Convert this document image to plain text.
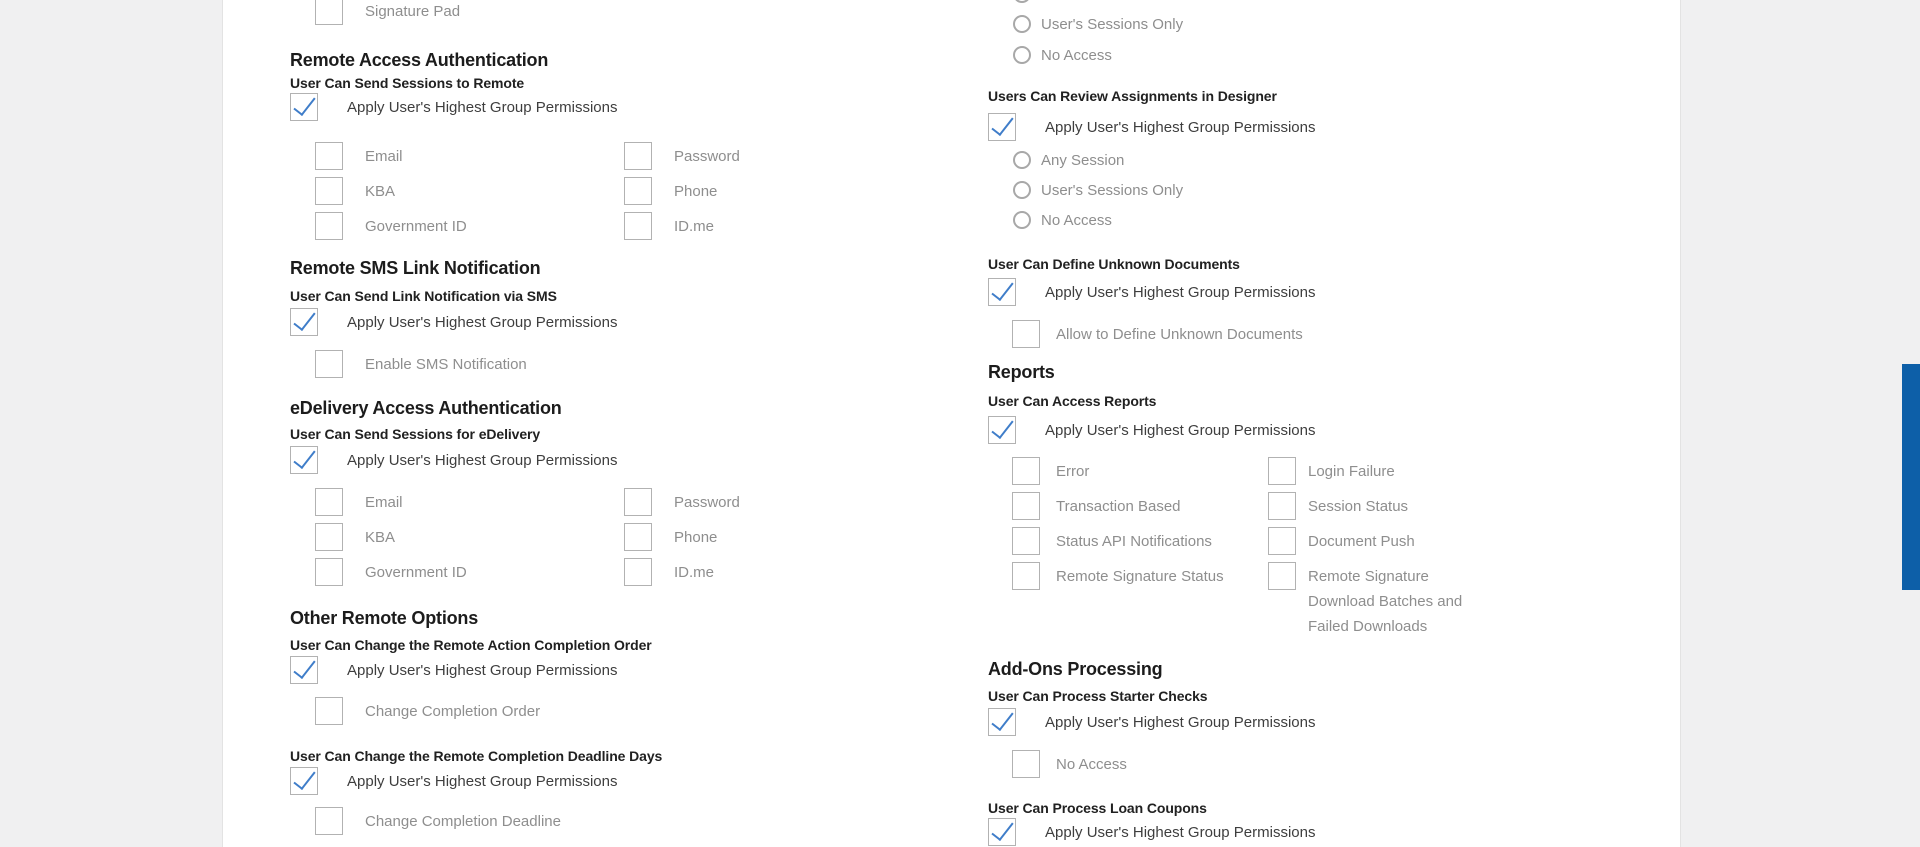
Signature Pad
Remote Access Authentication
User Can Send Sessions to Remote
Apply User's Highest Group Permissions
Email	Password
KBA	Phone
Government ID	ID.me
Remote SMS Link Notification
User Can Send Link Notification via SMS
Apply User's Highest Group Permissions
Enable SMS Notification
eDelivery Access Authentication
User Can Send Sessions for eDelivery
Apply User's Highest Group Permissions
Email	Password
KBA	Phone
Government ID	ID.me
Other Remote Options
User Can Change the Remote Action Completion Order
Apply User's Highest Group Permissions
Change Completion Order
User Can Change the Remote Completion Deadline Days
Apply User's Highest Group Permissions
Change Completion Deadline
User's Sessions Only
No Access
Users Can Review Assignments in Designer
Apply User's Highest Group Permissions
Any Session
User's Sessions Only
No Access
User Can Define Unknown Documents
Apply User's Highest Group Permissions
Allow to Define Unknown Documents
Reports
User Can Access Reports
Apply User's Highest Group Permissions
Error	Login Failure
Transaction Based	Session Status
Status API Notifications	Document Push
Remote Signature Status	Remote Signature Download Batches and Failed Downloads
Add-Ons Processing
User Can Process Starter Checks
Apply User's Highest Group Permissions
No Access
User Can Process Loan Coupons
Apply User's Highest Group Permissions
